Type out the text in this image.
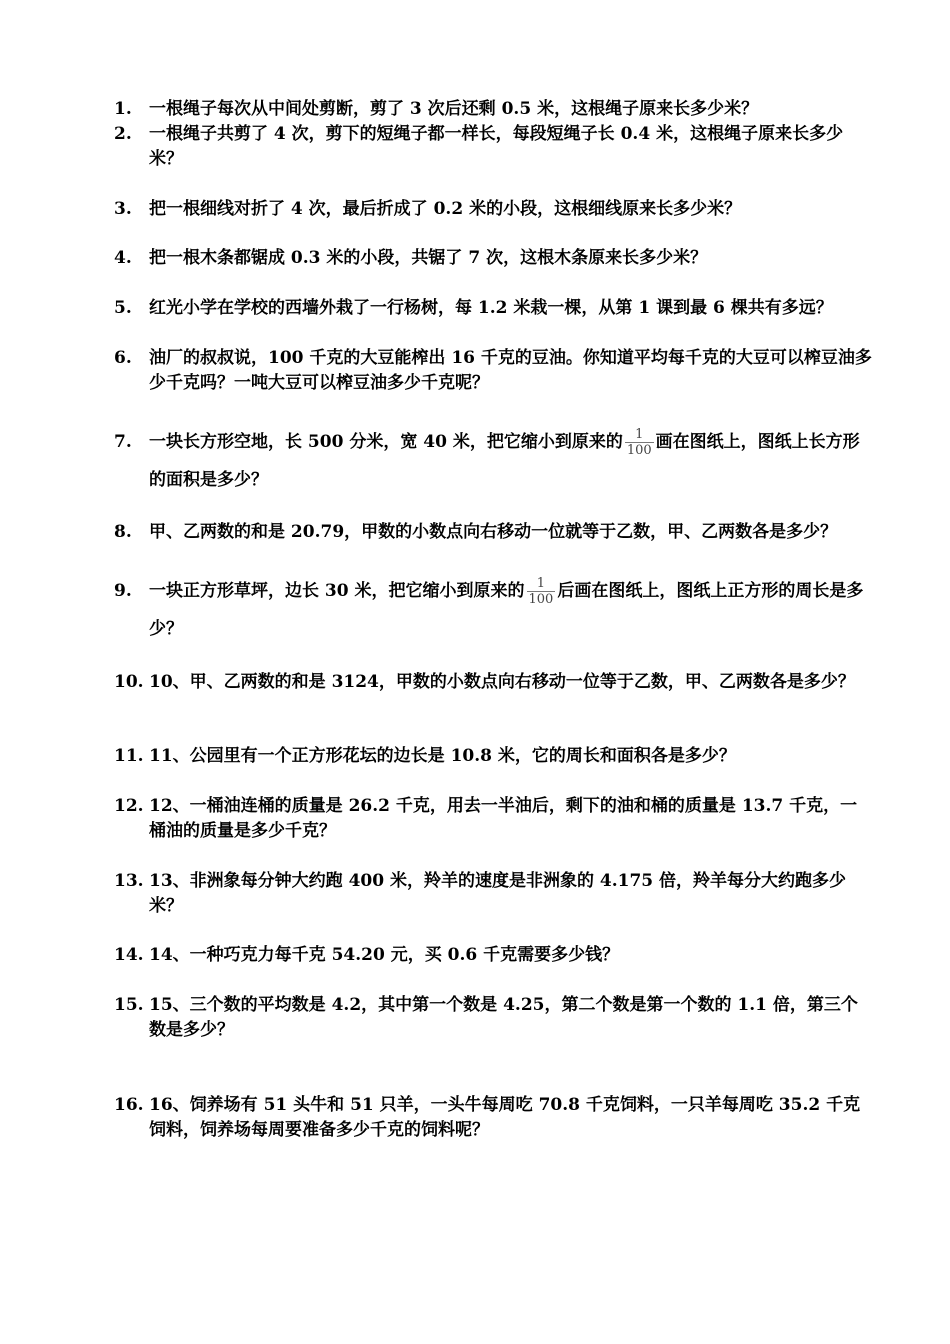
1.	一根绳子每次从中间处剪断，剪了 3 次后还剩 0.5 米，这根绳子原来长多少米？
2.	一根绳子共剪了 4 次，剪下的短绳子都一样长，每段短绳子长 0.4 米，这根绳子原来长多少米？
3.	把一根细线对折了 4 次，最后折成了 0.2 米的小段，这根细线原来长多少米？
4.	把一根木条都锯成 0.3 米的小段，共锯了 7 次，这根木条原来长多少米？
5.	红光小学在学校的西墙外栽了一行杨树，每 1.2 米栽一棵，从第 1 课到最 6 棵共有多远？
6.	油厂的叔叔说，100 千克的大豆能榨出 16 千克的豆油。你知道平均每千克的大豆可以榨豆油多少千克吗？一吨大豆可以榨豆油多少千克呢？
7.	一块长方形空地，长 500 分米，宽 40 米，把它缩小到原来的 $\frac{1}{100}$ 画在图纸上，图纸上长方形的面积是多少？
8.	甲、乙两数的和是 20.79，甲数的小数点向右移动一位就等于乙数，甲、乙两数各是多少？
9.	一块正方形草坪，边长 30 米，把它缩小到原来的 $\frac{1}{100}$ 后画在图纸上，图纸上正方形的周长是多少？
10. 10、甲、乙两数的和是 3124，甲数的小数点向右移动一位等于乙数，甲、乙两数各是多少？
11. 11、公园里有一个正方形花坛的边长是 10.8 米，它的周长和面积各是多少？
12. 12、一桶油连桶的质量是 26.2 千克，用去一半油后，剩下的油和桶的质量是 13.7 千克，一桶油的质量是多少千克？
13. 13、非洲象每分钟大约跑 400 米，羚羊的速度是非洲象的 4.175 倍，羚羊每分大约跑多少米？
14. 14、一种巧克力每千克 54.20 元，买 0.6 千克需要多少钱？
15. 15、三个数的平均数是 4.2，其中第一个数是 4.25，第二个数是第一个数的 1.1 倍，第三个数是多少？
16. 16、饲养场有 51 头牛和 51 只羊，一头牛每周吃 70.8 千克饲料，一只羊每周吃 35.2 千克饲料，饲养场每周要准备多少千克的饲料呢？
